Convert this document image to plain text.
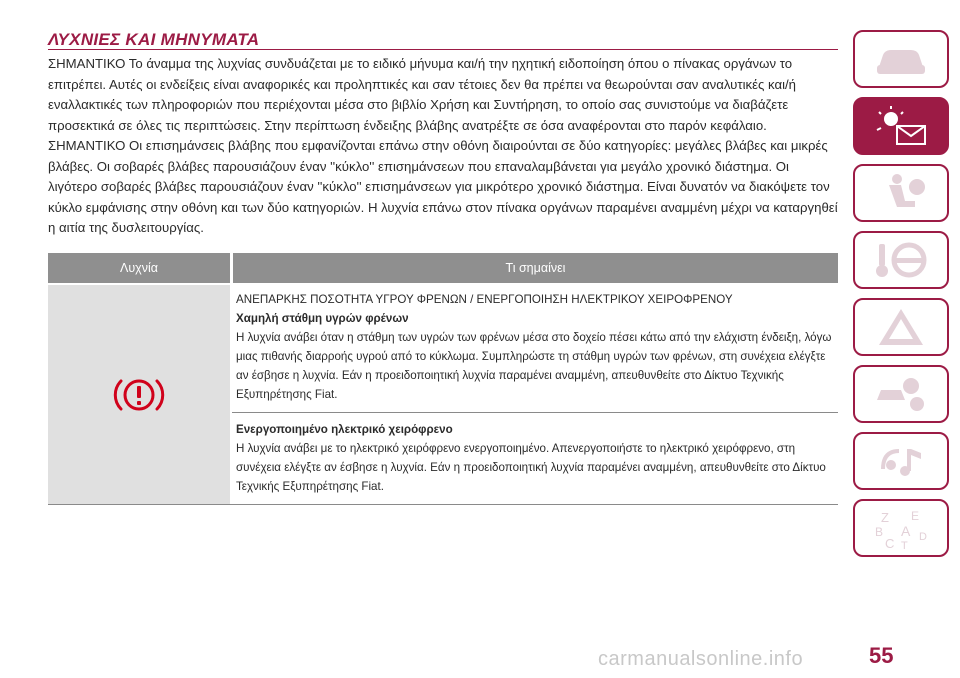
ΛΥΧΝΙΕΣ ΚΑΙ ΜΗΝΥΜΑΤΑ

ΣΗΜΑΝΤΙΚΟ Το άναμμα της λυχνίας συνδυάζεται με το ειδικό μήνυμα και/ή την ηχητική ειδοποίηση όπου ο πίνακας οργάνων το επιτρέπει. Αυτές οι ενδείξεις είναι αναφορικές και προληπτικές και σαν τέτοιες δεν θα πρέπει να θεωρούνται σαν αναλυτικές και/ή εναλλακτικές των πληροφοριών που περιέχονται μέσα στο βιβλίο Χρήση και Συντήρηση, το οποίο σας συνιστούμε να διαβάζετε προσεκτικά σε όλες τις περιπτώσεις. Στην περίπτωση ένδειξης βλάβης ανατρέξτε σε όσα αναφέρονται στο παρόν κεφάλαιο.

ΣΗΜΑΝΤΙΚΟ Οι επισημάνσεις βλάβης που εμφανίζονται επάνω στην οθόνη διαιρούνται σε δύο κατηγορίες: μεγάλες βλάβες και μικρές βλάβες. Οι σοβαρές βλάβες παρουσιάζουν έναν ''κύκλο'' επισημάνσεων που επαναλαμβάνεται για μεγάλο χρονικό διάστημα. Οι λιγότερο σοβαρές βλάβες παρουσιάζουν έναν ''κύκλο'' επισημάνσεων για μικρότερο χρονικό διάστημα. Είναι δυνατόν να διακόψετε τον κύκλο εμφάνισης στην οθόνη και των δύο κατηγοριών. Η λυχνία επάνω στον πίνακα οργάνων παραμένει αναμμένη μέχρι να καταργηθεί η αιτία της δυσλειτουργίας.

Λυχνία	Τι σημαίνει
ΑΝΕΠΑΡΚΗΣ ΠΟΣΟΤΗΤΑ ΥΓΡΟΥ ΦΡΕΝΩΝ / ΕΝΕΡΓΟΠΟΙΗΣΗ ΗΛΕΚΤΡΙΚΟΥ ΧΕΙΡΟΦΡΕΝΟΥ
Χαμηλή στάθμη υγρών φρένων
Η λυχνία ανάβει όταν η στάθμη των υγρών των φρένων μέσα στο δοχείο πέσει κάτω από την ελάχιστη ένδειξη, λόγω μιας πιθανής διαρροής υγρού από το κύκλωμα. Συμπληρώστε τη στάθμη υγρών των φρένων, στη συνέχεια ελέγξτε αν έσβησε η λυχνία. Εάν η προειδοποιητική λυχνία παραμένει αναμμένη, απευθυνθείτε στο Δίκτυο Τεχνικής Εξυπηρέτησης Fiat.
Ενεργοποιημένο ηλεκτρικό χειρόφρενο
Η λυχνία ανάβει με το ηλεκτρικό χειρόφρενο ενεργοποιημένο. Απενεργοποιήστε το ηλεκτρικό χειρόφρενο, στη συνέχεια ελέγξτε αν έσβησε η λυχνία. Εάν η προειδοποιητική λυχνία παραμένει αναμμένη, απευθυνθείτε στο Δίκτυο Τεχνικής Εξυπηρέτησης Fiat.
Z E
B A D
C T
carmanualsonline.info	55
